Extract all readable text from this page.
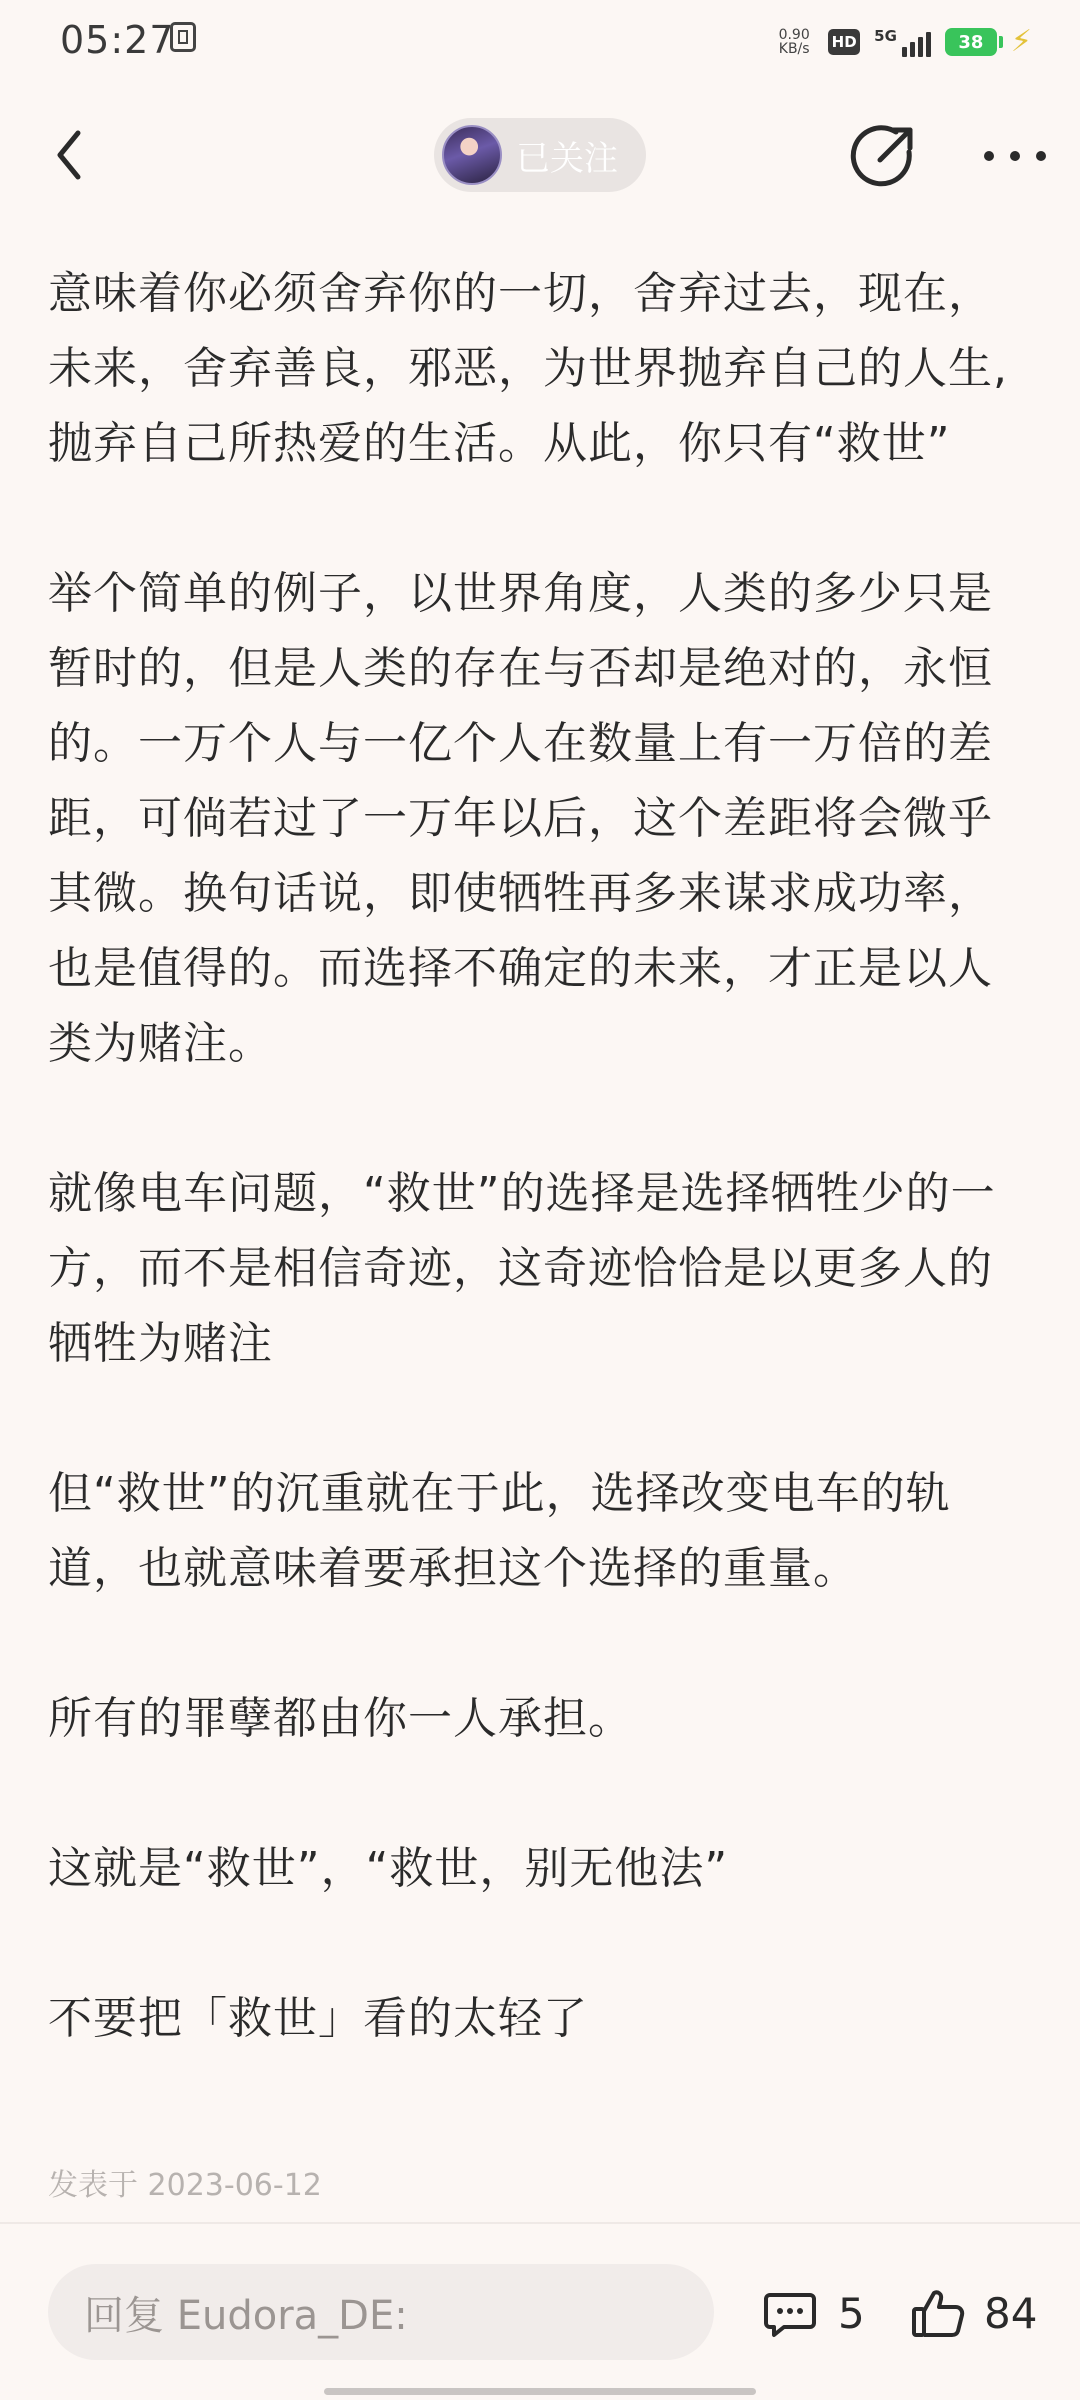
05:27	0.90
KB/s	HD 5G	38 ⚡
已关注

意味着你必须舍弃你的一切，舍弃过去，现在，未来，舍弃善良，邪恶，为世界抛弃自己的人生,抛弃自己所热爱的生活。从此，你只有“救世”

举个简单的例子，以世界角度，人类的多少只是暂时的，但是人类的存在与否却是绝对的，永恒的。一万个人与一亿个人在数量上有一万倍的差距，可倘若过了一万年以后，这个差距将会微乎其微。换句话说，即使牺牲再多来谋求成功率，也是值得的。而选择不确定的未来，才正是以人类为赌注。

就像电车问题，“救世”的选择是选择牺牲少的一方，而不是相信奇迹，这奇迹恰恰是以更多人的牺牲为赌注

但“救世”的沉重就在于此，选择改变电车的轨道，也就意味着要承担这个选择的重量。

所有的罪孽都由你一人承担。

这就是“救世”，“救世，别无他法”

不要把「救世」看的太轻了

发表于 2023-06-12
回复 Eudora_DE:	5	84
